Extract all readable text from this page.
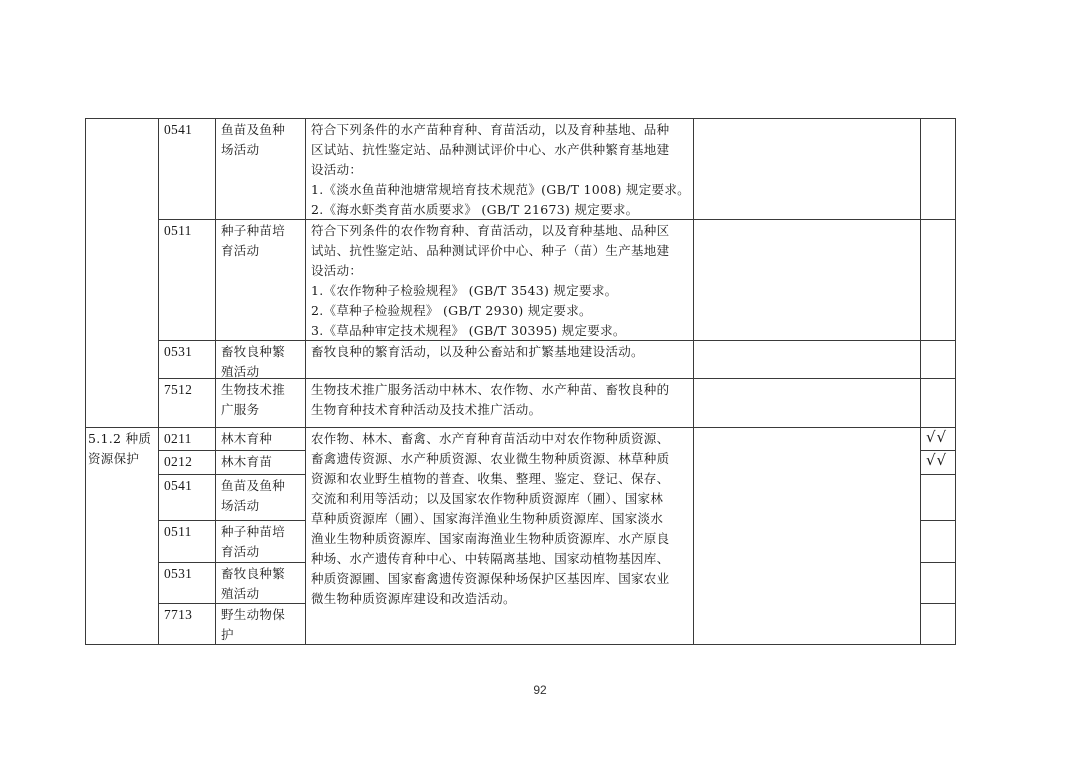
0541 鱼苗及鱼种
场活动
符合下列条件的水产苗种育种、育苗活动，以及育种基地、品种
区试站、抗性鉴定站、品种测试评价中心、水产供种繁育基地建
设活动：
1.《淡水鱼苗种池塘常规培育技术规范》(GB/T 1008) 规定要求。
2.《海水虾类育苗水质要求》 (GB/T 21673) 规定要求。
0511 种子种苗培
育活动
符合下列条件的农作物育种、育苗活动，以及育种基地、品种区
试站、抗性鉴定站、品种测试评价中心、种子（苗）生产基地建
设活动：
1.《农作物种子检验规程》 (GB/T 3543) 规定要求。
2.《草种子检验规程》 (GB/T 2930) 规定要求。
3.《草品种审定技术规程》 (GB/T 30395) 规定要求。
0531 畜牧良种繁
殖活动
畜牧良种的繁育活动，以及种公畜站和扩繁基地建设活动。
7512 生物技术推
广服务
生物技术推广服务活动中林木、农作物、水产种苗、畜牧良种的
生物育种技术育种活动及技术推广活动。
5.1.2 种质
资源保护
农作物、林木、畜禽、水产育种育苗活动中对农作物种质资源、
畜禽遗传资源、水产种质资源、农业微生物种质资源、林草种质
资源和农业野生植物的普查、收集、整理、鉴定、登记、保存、
交流和利用等活动；以及国家农作物种质资源库（圃）、国家林
草种质资源库（圃）、国家海洋渔业生物种质资源库、国家淡水
渔业生物种质资源库、国家南海渔业生物种质资源库、水产原良
种场、水产遗传育种中心、中转隔离基地、国家动植物基因库、
种质资源圃、国家畜禽遗传资源保种场保护区基因库、国家农业
微生物种质资源库建设和改造活动。
0211 林木育种	√√
0212 林木育苗	√√
0541 鱼苗及鱼种
场活动
0511 种子种苗培
育活动
0531 畜牧良种繁
殖活动
7713 野生动物保
护
92
